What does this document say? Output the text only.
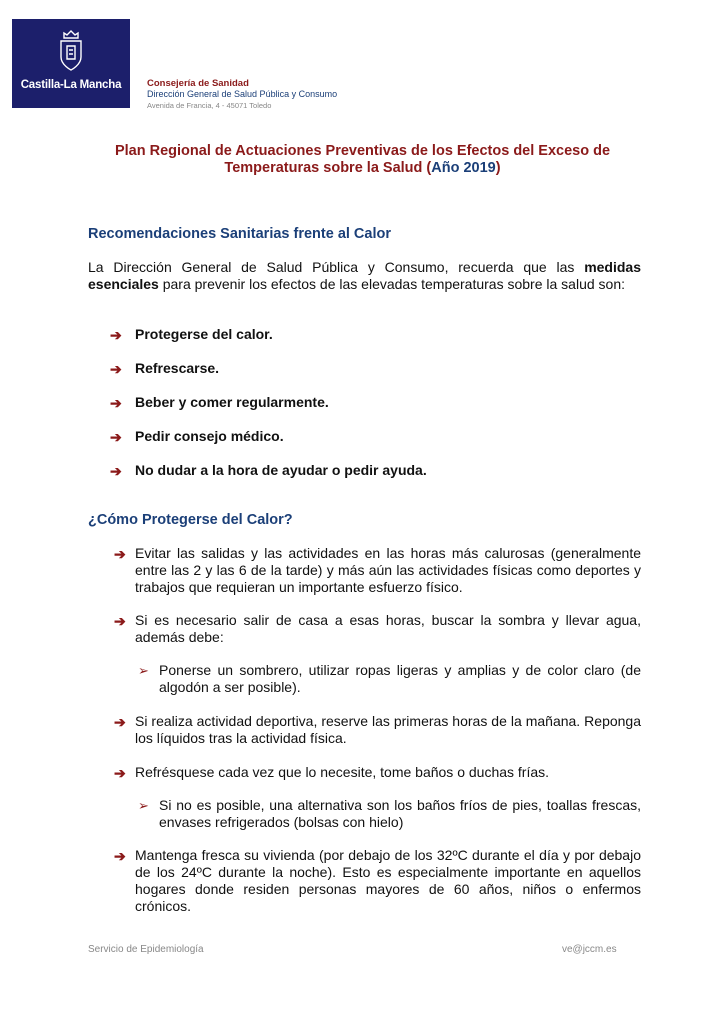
Castilla-La Mancha	Consejería de Sanidad
Dirección General de Salud Pública y Consumo
Avenida de Francia, 4 - 45071 Toledo
Plan Regional de Actuaciones Preventivas de los Efectos del Exceso de
Temperaturas sobre la Salud (Año 2019)
Recomendaciones Sanitarias frente al Calor

La Dirección General de Salud Pública y Consumo, recuerda que las medidas esenciales para prevenir los efectos de las elevadas temperaturas sobre la salud son:

➔ Protegerse del calor.
➔ Refrescarse.
➔ Beber y comer regularmente.
➔ Pedir consejo médico.
➔ No dudar a la hora de ayudar o pedir ayuda.
¿Cómo Protegerse del Calor?
➔ Evitar las salidas y las actividades en las horas más calurosas (generalmente entre las 2 y las 6 de la tarde) y más aún las actividades físicas como deportes y trabajos que requieran un importante esfuerzo físico.
➔ Si es necesario salir de casa a esas horas, buscar la sombra y llevar agua, además debe:
➢ Ponerse un sombrero, utilizar ropas ligeras y amplias y de color claro (de algodón a ser posible).
➔ Si realiza actividad deportiva, reserve las primeras horas de la mañana. Reponga los líquidos tras la actividad física.
➔ Refrésquese cada vez que lo necesite, tome baños o duchas frías.
➢ Si no es posible, una alternativa son los baños fríos de pies, toallas frescas, envases refrigerados (bolsas con hielo)
➔ Mantenga fresca su vivienda (por debajo de los 32ºC durante el día y por debajo de los 24ºC durante la noche). Esto es especialmente importante en aquellos hogares donde residen personas mayores de 60 años, niños o enfermos crónicos.
Servicio de Epidemiología	ve@jccm.es
